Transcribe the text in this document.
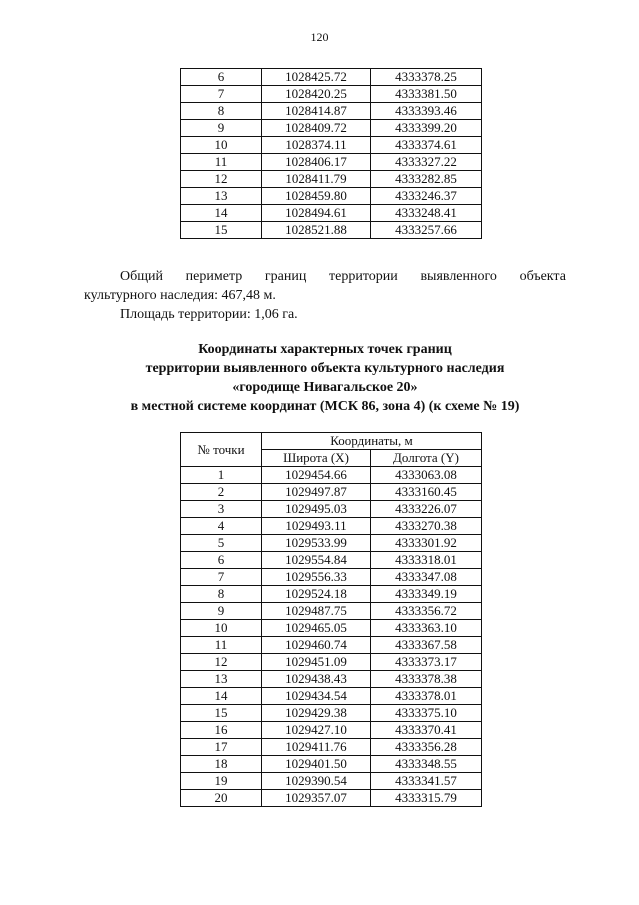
120
6	1028425.72	4333378.25
7	1028420.25	4333381.50
8	1028414.87	4333393.46
9	1028409.72	4333399.20
10	1028374.11	4333374.61
11	1028406.17	4333327.22
12	1028411.79	4333282.85
13	1028459.80	4333246.37
14	1028494.61	4333248.41
15	1028521.88	4333257.66
Общий периметр границ территории выявленного объекта
культурного наследия: 467,48 м.
Площадь территории: 1,06 га.
Координаты характерных точек границ
территории выявленного объекта культурного наследия
«городище Нивагальское 20»
в местной системе координат (МСК 86, зона 4) (к схеме № 19)
№ точки	Координаты, м	
	Широта (X)	Долгота (Y)
1	1029454.66	4333063.08
2	1029497.87	4333160.45
3	1029495.03	4333226.07
4	1029493.11	4333270.38
5	1029533.99	4333301.92
6	1029554.84	4333318.01
7	1029556.33	4333347.08
8	1029524.18	4333349.19
9	1029487.75	4333356.72
10	1029465.05	4333363.10
11	1029460.74	4333367.58
12	1029451.09	4333373.17
13	1029438.43	4333378.38
14	1029434.54	4333378.01
15	1029429.38	4333375.10
16	1029427.10	4333370.41
17	1029411.76	4333356.28
18	1029401.50	4333348.55
19	1029390.54	4333341.57
20	1029357.07	4333315.79
